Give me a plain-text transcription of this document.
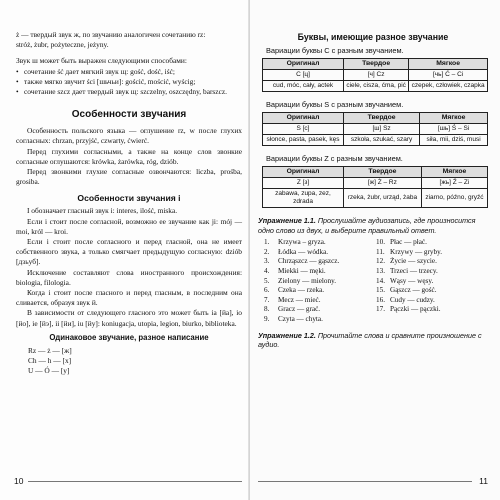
ż — твердый звук ж, по звучанию аналогичен сочетанию rz:

stróż, żubr, pożyteczne, jeżyny.

Звук ш может быть выражен следующими способами:

• сочетание ść дает мягкий звук щ: gość, dość, iść;

• также мягко звучит ści [шьчьи]: gościć, mościć, wyścig;

• сочетание szcz дает твердый звук щ: szczelny, oszczędny, barszcz.

Особенности звучания

Особенность польского языка — оглушение rz, w после глухих согласных: chrzan, przyjść, czwarty, ćwierć.

Перед глухими согласными, а также на конце слов звонкие согласные оглушаются: krówka, żarówka, róg, dziób.

Перед звонкими глухие согласные озвончаются: liczba, prośba, grosiba.

Особенности звучания i

I обозначает гласный звук i: interes, ilość, miska.

Если i стоит после согласной, возможно ее звучание как ji: mój — moi, król — kroi.

Если i стоит после согласного и перед гласной, она не имеет собственного звука, а только смягчает предыдущую согласную: dziób [дзьуб].

Исключение составляют слова иностранного происхождения: biologia, filologia.

Когда i стоит после гласного и перед гласным, в последним она сливается, образуя звук й.

В зависимости от следующего гласного это может быть ia [йа], io [йо], ie [йэ], ii [йи], iu [йу]: koniugacja, utopia, legion, biurko, biblioteka.

Одинаковое звучание, разное написание

Rz — ż — [ж]

Ch — h — [х]

U — Ó — [у]

10

Буквы, имеющие разное звучание

Вариации буквы C с разным звучанием.

Оригинал	Твердое	Мягкое
C [ц]	[ч] Cz	[чь] Ć – Ci
cud, móc, cały, actek	ciele, cisza, ćma, pić	czepek, człowiek, czapka

Вариации буквы S с разным звучанием.

Оригинал	Твердое	Мягкое
S [с]	[ш] Sz	[шь] Ś – Si
słonce, pasta, pasek, kęs	szkoła, szukać, szary	siła, mii, dziś, musi

Вариации буквы Z с разным звучанием.

Оригинал	Твердое	Мягкое
Z [з]	[ж] Ż – Rz	[жь] Ź – Zi
zabawa, zupa, zez, zdrada	rzeka, żubr, urząd, żaba	ziarno, późno, gryźć

Упражнение 1.1. Прослушайте аудиозапись, где произносится одно слово из двух, и выберите правильный ответ.

1. Krzywa – gryza.
2. Łódka — wódka.
3. Chrząszcz — gąszcz.
4. Miekki — męki.
5. Zielony — mielony.
6. Czeka — rzeka.
7. Mecz — mieć.
8. Gracz — grać.
9. Czyta — chyta.
10. Płac — płać.
11. Krzywy — gryby.
12. Życie — szycie.
13. Trzeci — trzecy.
14. Wąsy — węsy.
15. Gąszcz — gość.
16. Cudy — cudzy.
17. Pączki — pączki.

Упражнение 1.2. Прочитайте слова и сравните произношение с аудио.

11
